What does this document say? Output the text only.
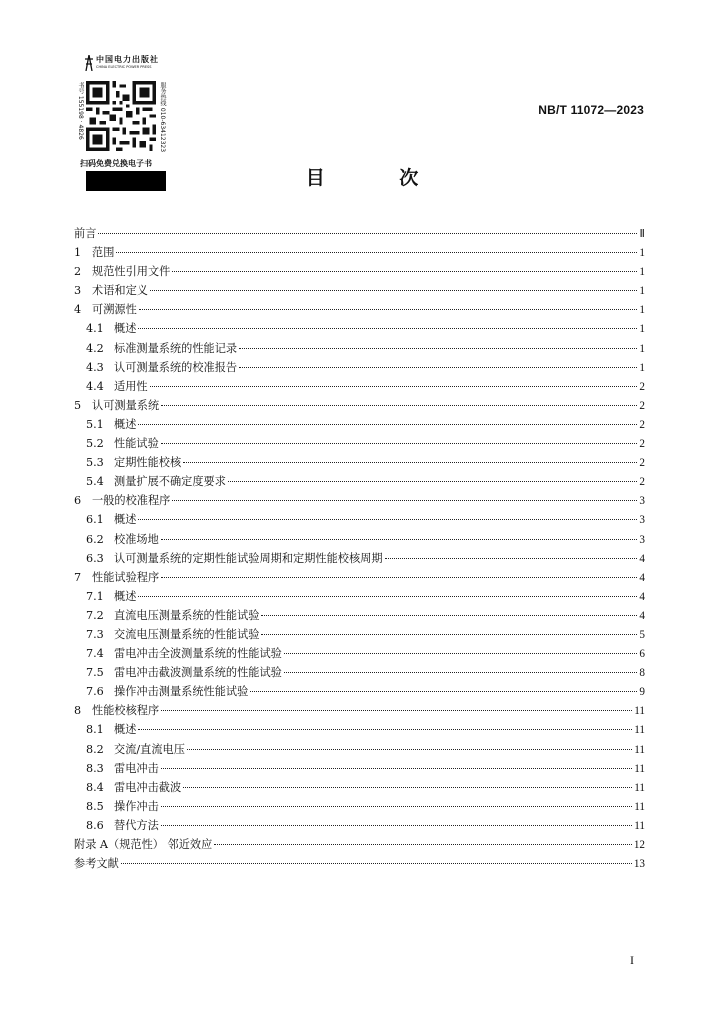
中国电力出版社
CHINA ELECTRIC POWER PRESS
书号 155198 · 4826	服务热线 010-63412323
扫码免费兑换电子书
NB/T 11072—2023
目 次
前言	Ⅱ
1 范围	1
2 规范性引用文件	1
3 术语和定义	1
4 可溯源性	1
4.1 概述	1
4.2 标准测量系统的性能记录	1
4.3 认可测量系统的校准报告	1
4.4 适用性	2
5 认可测量系统	2
5.1 概述	2
5.2 性能试验	2
5.3 定期性能校核	2
5.4 测量扩展不确定度要求	2
6 一般的校准程序	3
6.1 概述	3
6.2 校准场地	3
6.3 认可测量系统的定期性能试验周期和定期性能校核周期	4
7 性能试验程序	4
7.1 概述	4
7.2 直流电压测量系统的性能试验	4
7.3 交流电压测量系统的性能试验	5
7.4 雷电冲击全波测量系统的性能试验	6
7.5 雷电冲击截波测量系统的性能试验	8
7.6 操作冲击测量系统性能试验	9
8 性能校核程序	11
8.1 概述	11
8.2 交流/直流电压	11
8.3 雷电冲击	11
8.4 雷电冲击截波	11
8.5 操作冲击	11
8.6 替代方法	11
附录 A（规范性） 邻近效应	12
参考文献	13
I
